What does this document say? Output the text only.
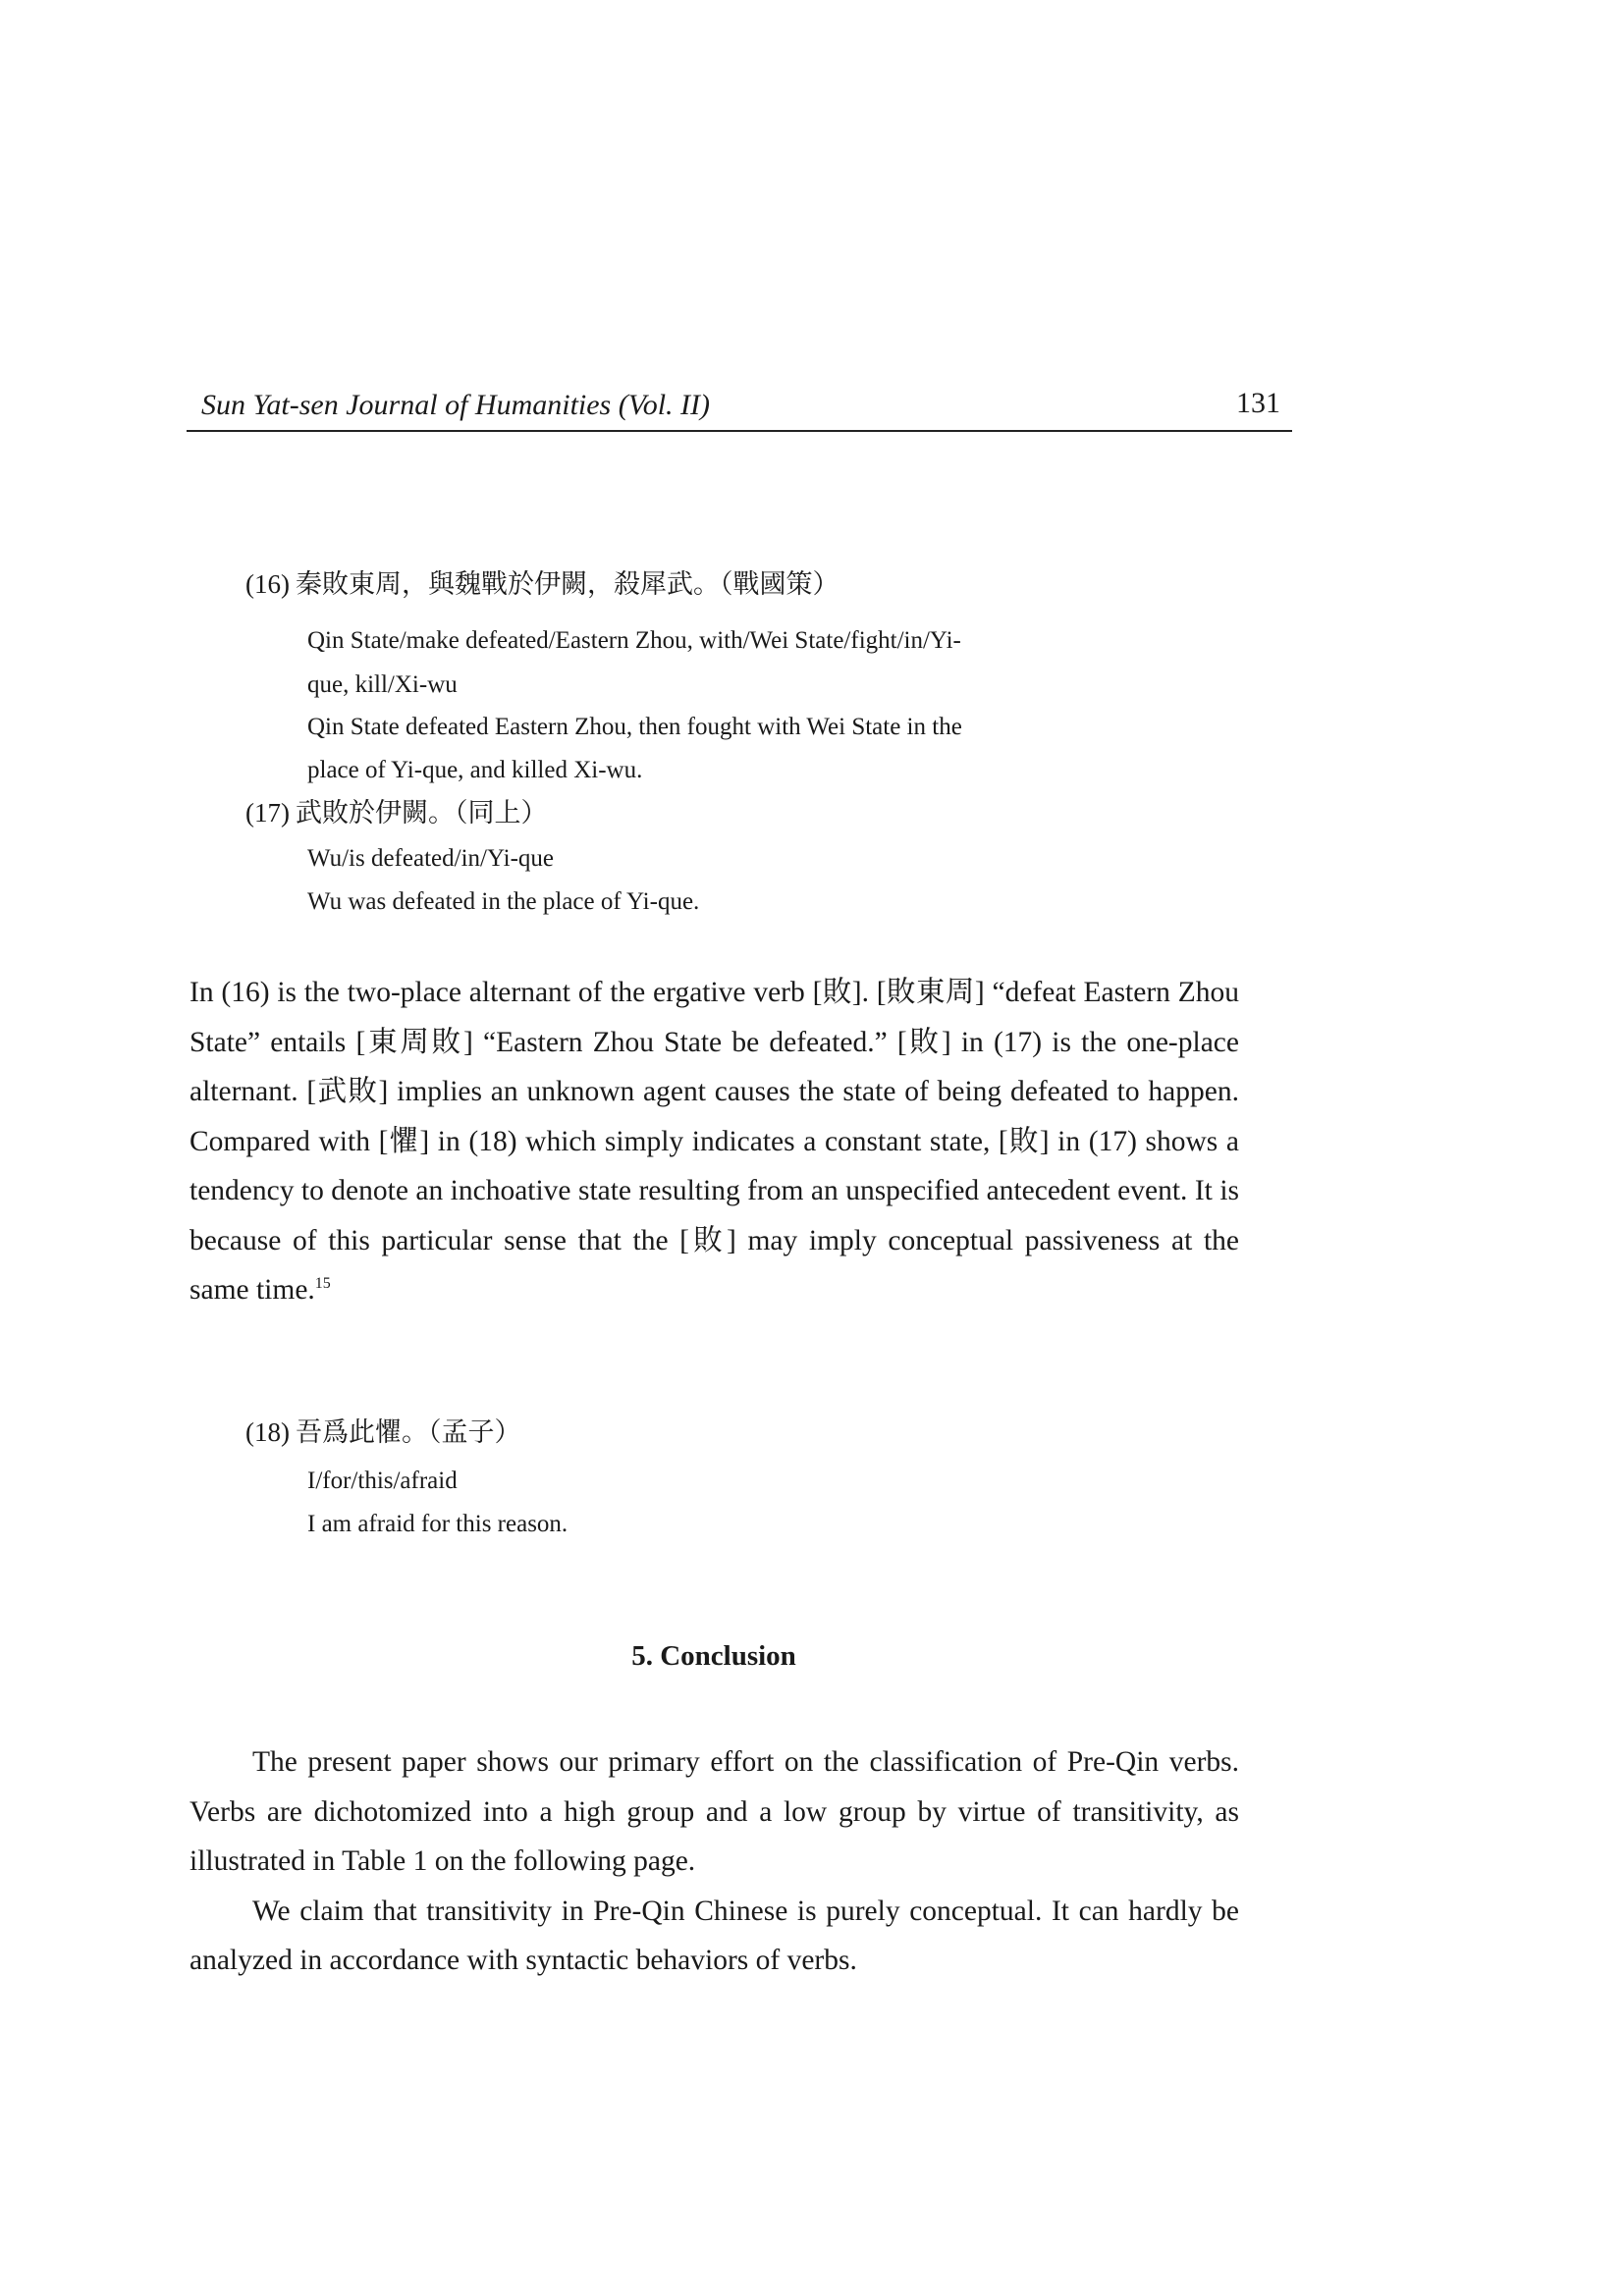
Sun Yat-sen Journal of Humanities (Vol. II)	131
(16) 秦敗東周，與魏戰於伊闕，殺犀武。（戰國策）
Qin State/make defeated/Eastern Zhou, with/Wei State/fight/in/Yi-
que, kill/Xi-wu
Qin State defeated Eastern Zhou, then fought with Wei State in the
place of Yi-que, and killed Xi-wu.
(17) 武敗於伊闕。（同上）
Wu/is defeated/in/Yi-que
Wu was defeated in the place of Yi-que.

In (16) is the two-place alternant of the ergative verb [敗]. [敗東周] “defeat Eastern Zhou State” entails [東周敗] “Eastern Zhou State be defeated.” [敗] in (17) is the one-place alternant. [武敗] implies an unknown agent causes the state of being defeated to happen. Compared with [懼] in (18) which simply indicates a constant state, [敗] in (17) shows a tendency to denote an inchoative state resulting from an unspecified antecedent event. It is because of this particular sense that the [敗] may imply conceptual passiveness at the same time.$^{15}$

(18) 吾爲此懼。（孟子）
I/for/this/afraid
I am afraid for this reason.
5. Conclusion

The present paper shows our primary effort on the classification of Pre-Qin verbs. Verbs are dichotomized into a high group and a low group by virtue of transitivity, as illustrated in Table 1 on the following page.

We claim that transitivity in Pre-Qin Chinese is purely conceptual. It can hardly be analyzed in accordance with syntactic behaviors of verbs.
